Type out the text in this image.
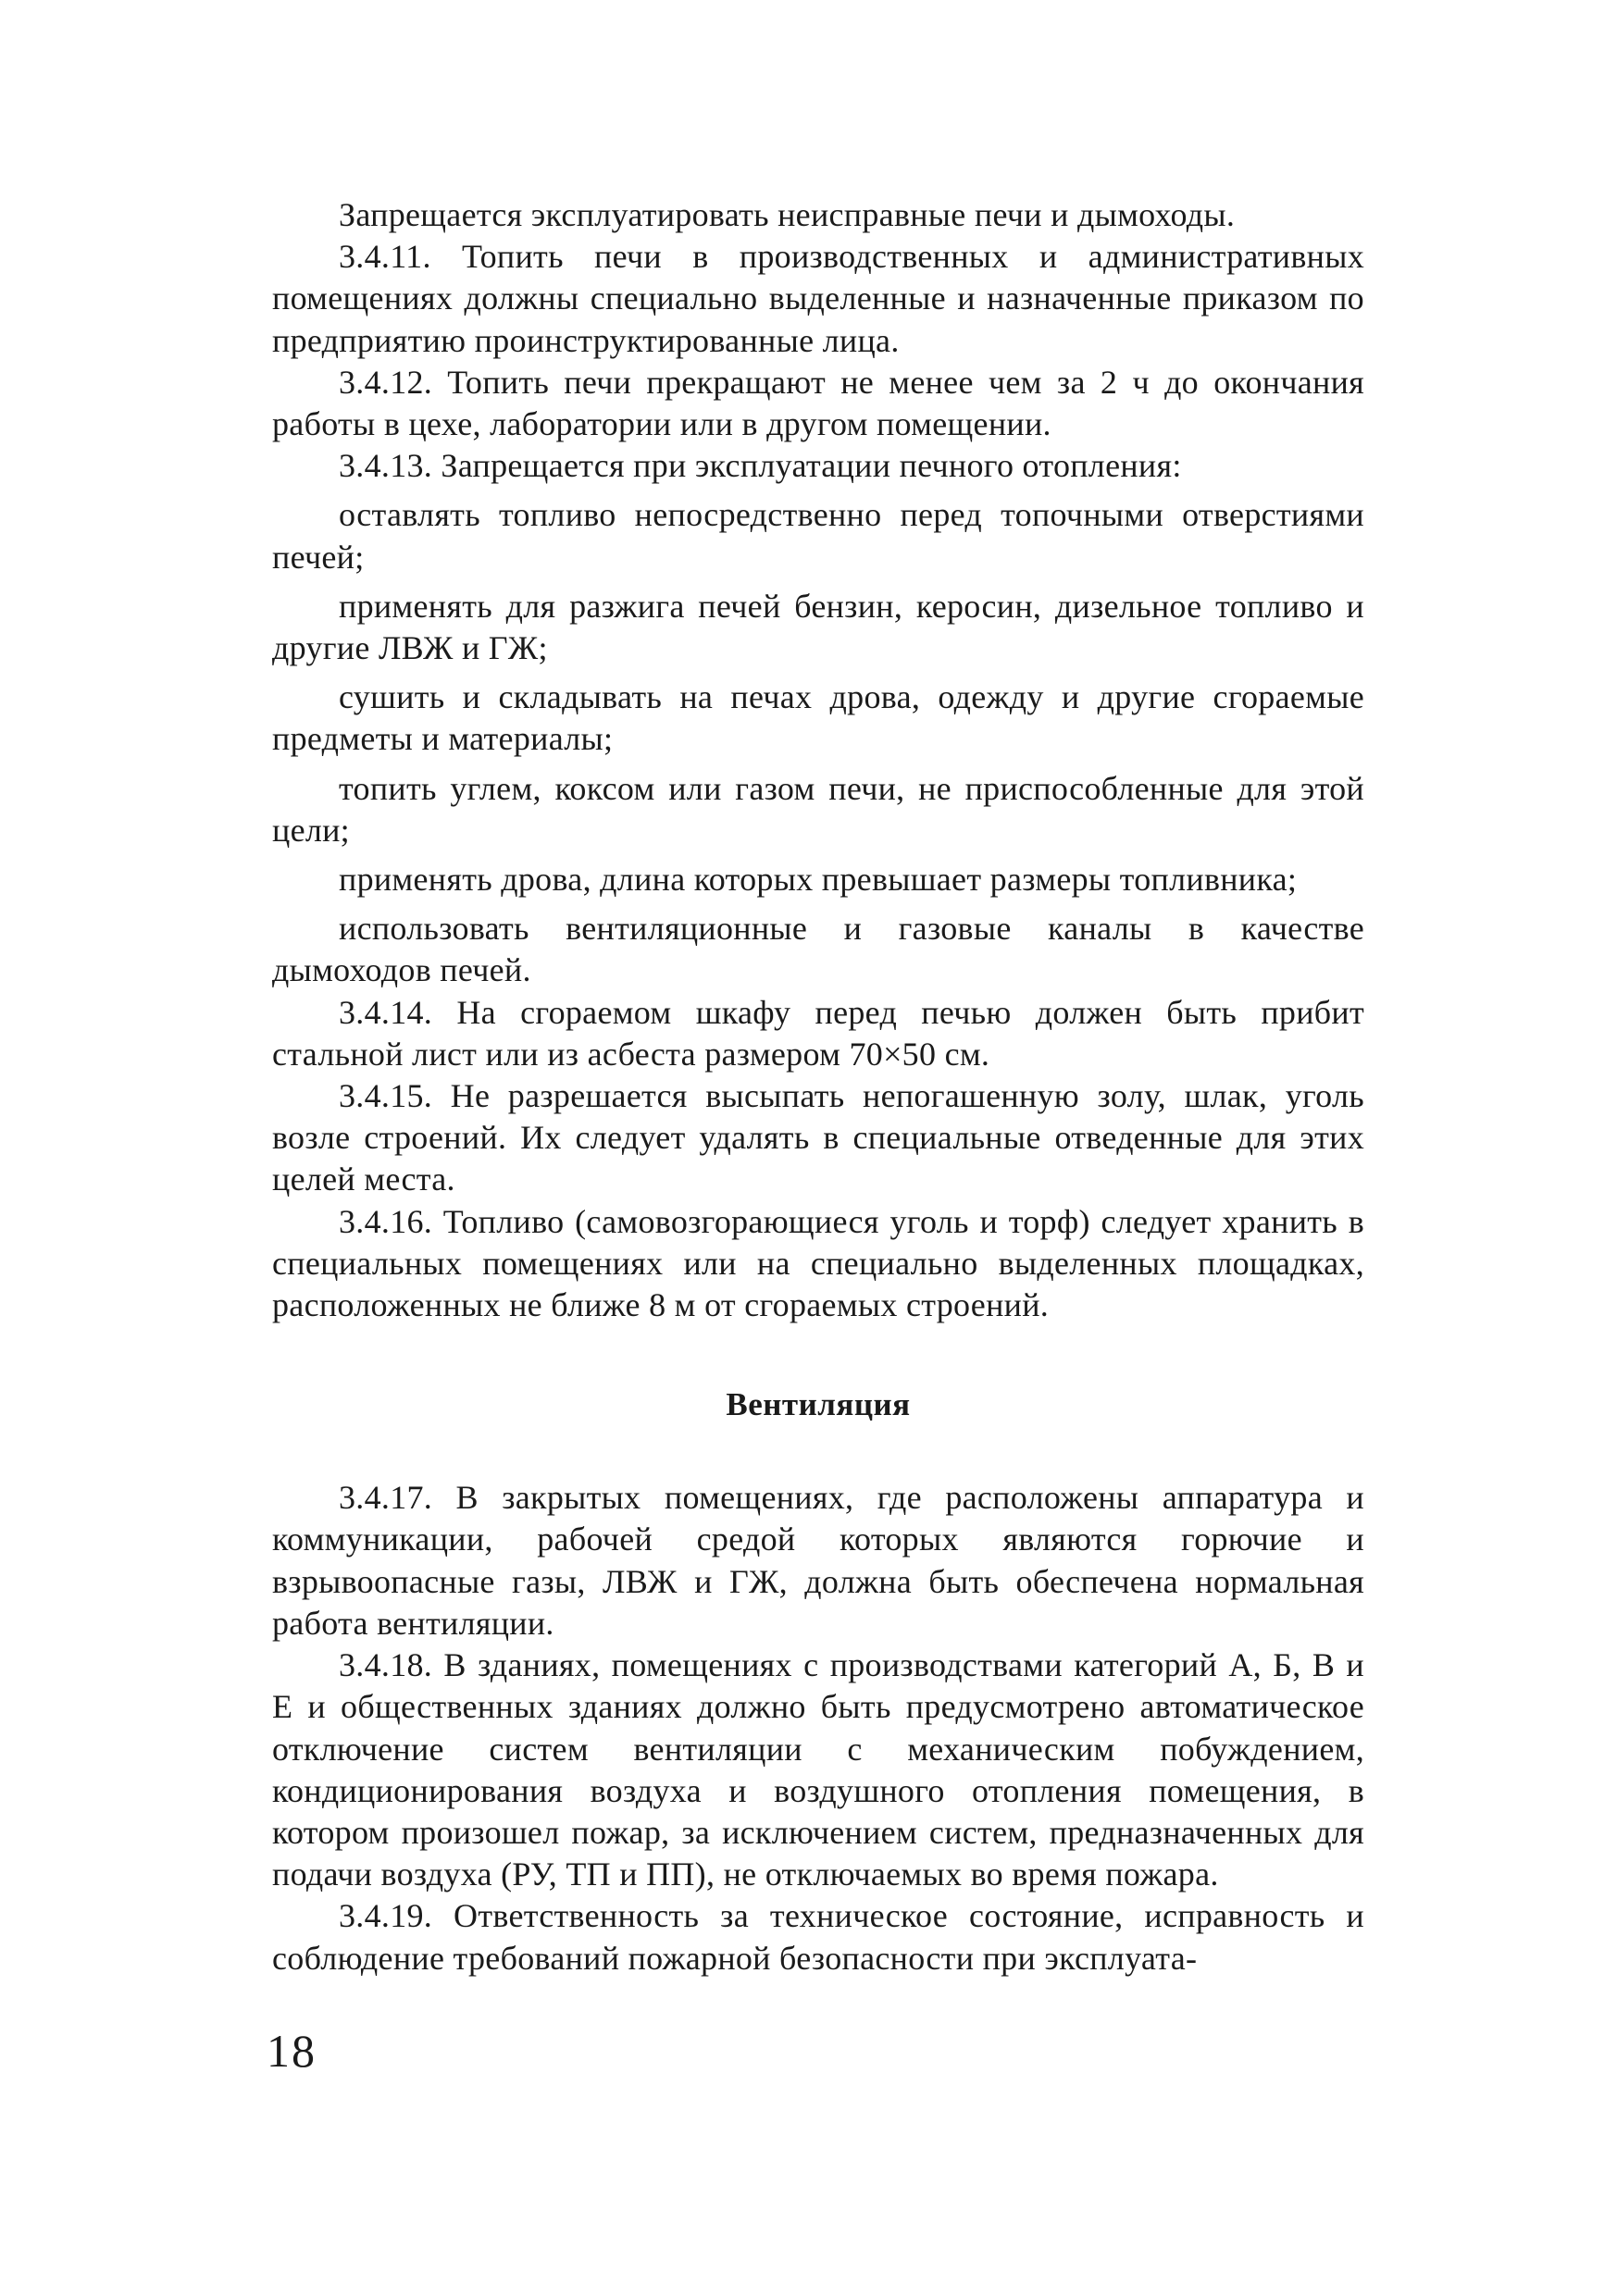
Запрещается эксплуатировать неисправные печи и дымоходы.

3.4.11. Топить печи в производственных и административных помещениях должны специально выделенные и назначенные приказом по предприятию проинструктированные лица.

3.4.12. Топить печи прекращают не менее чем за 2 ч до окончания работы в цехе, лаборатории или в другом помещении.

3.4.13. Запрещается при эксплуатации печного отопления:

оставлять топливо непосредственно перед топочными отверстиями печей;

применять для разжига печей бензин, керосин, дизельное топливо и другие ЛВЖ и ГЖ;

сушить и складывать на печах дрова, одежду и другие сгораемые предметы и материалы;

топить углем, коксом или газом печи, не приспособленные для этой цели;

применять дрова, длина которых превышает размеры топливника;

использовать вентиляционные и газовые каналы в качестве дымоходов печей.

3.4.14. На сгораемом шкафу перед печью должен быть прибит стальной лист или из асбеста размером 70×50 см.

3.4.15. Не разрешается высыпать непогашенную золу, шлак, уголь возле строений. Их следует удалять в специальные отведенные для этих целей места.

3.4.16. Топливо (самовозгорающиеся уголь и торф) следует хранить в специальных помещениях или на специально выделенных площадках, расположенных не ближе 8 м от сгораемых строений.

Вентиляция

3.4.17. В закрытых помещениях, где расположены аппаратура и коммуникации, рабочей средой которых являются горючие и взрывоопасные газы, ЛВЖ и ГЖ, должна быть обеспечена нормальная работа вентиляции.

3.4.18. В зданиях, помещениях с производствами категорий А, Б, В и Е и общественных зданиях должно быть предусмотрено автоматическое отключение систем вентиляции с механическим побуждением, кондиционирования воздуха и воздушного отопления помещения, в котором произошел пожар, за исключением систем, предназначенных для подачи воздуха (РУ, ТП и ПП), не отключаемых во время пожара.

3.4.19. Ответственность за техническое состояние, исправность и соблюдение требований пожарной безопасности при эксплуата-

18
